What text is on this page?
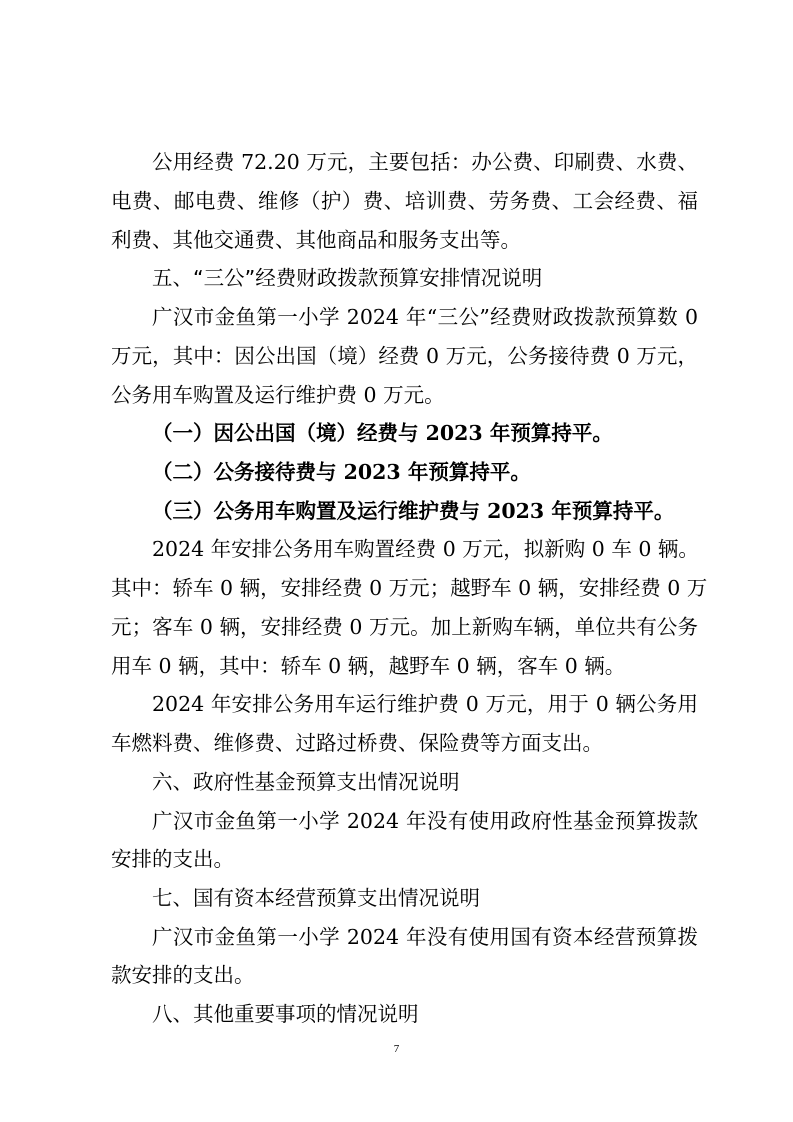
公用经费 72.20 万元，主要包括：办公费、印刷费、水费、
电费、邮电费、维修（护）费、培训费、劳务费、工会经费、福
利费、其他交通费、其他商品和服务支出等。
五、“三公”经费财政拨款预算安排情况说明
广汉市金鱼第一小学 2024 年“三公”经费财政拨款预算数 0
万元，其中：因公出国（境）经费 0 万元，公务接待费 0 万元，
公务用车购置及运行维护费 0 万元。
（一）因公出国（境）经费与 2023 年预算持平。
（二）公务接待费与 2023 年预算持平。
（三）公务用车购置及运行维护费与 2023 年预算持平。
2024 年安排公务用车购置经费 0 万元，拟新购 0 车 0 辆。
其中：轿车 0 辆，安排经费 0 万元；越野车 0 辆，安排经费 0 万
元；客车 0 辆，安排经费 0 万元。加上新购车辆，单位共有公务
用车 0 辆，其中：轿车 0 辆，越野车 0 辆，客车 0 辆。
2024 年安排公务用车运行维护费 0 万元，用于 0 辆公务用
车燃料费、维修费、过路过桥费、保险费等方面支出。
六、政府性基金预算支出情况说明
广汉市金鱼第一小学 2024 年没有使用政府性基金预算拨款
安排的支出。
七、国有资本经营预算支出情况说明
广汉市金鱼第一小学 2024 年没有使用国有资本经营预算拨
款安排的支出。
八、其他重要事项的情况说明
7
